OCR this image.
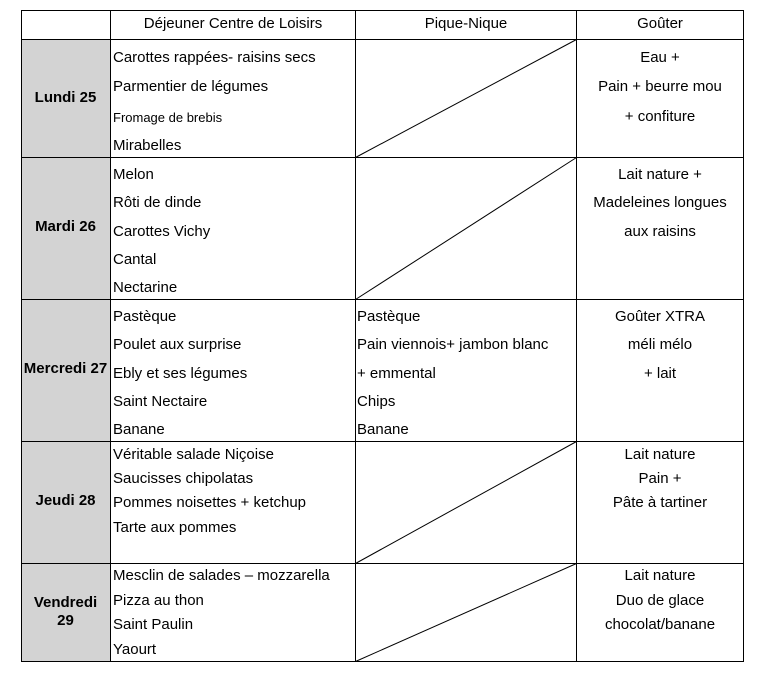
Déjeuner Centre de Loisirs	Pique-Nique	Goûter
Lundi 25
Carottes rappées- raisins secs
Parmentier de légumes
Fromage de brebis
Mirabelles
Eau +
Pain + beurre mou
+ confiture
Mardi 26
Melon
Rôti de dinde
Carottes Vichy
Cantal
Nectarine
Lait nature +
Madeleines longues
aux raisins
Mercredi 27
Pastèque
Poulet aux surprise
Ebly et ses légumes
Saint Nectaire
Banane
Pastèque
Pain viennois+ jambon blanc
+ emmental
Chips
Banane
Goûter XTRA
méli mélo
+ lait
Jeudi 28
Véritable salade Niçoise
Saucisses chipolatas
Pommes noisettes + ketchup
Tarte aux pommes
Lait nature
Pain +
Pâte à tartiner
Vendredi
29
Mesclin de salades – mozzarella
Pizza au thon
Saint Paulin
Yaourt
Lait nature
Duo de glace
chocolat/banane
